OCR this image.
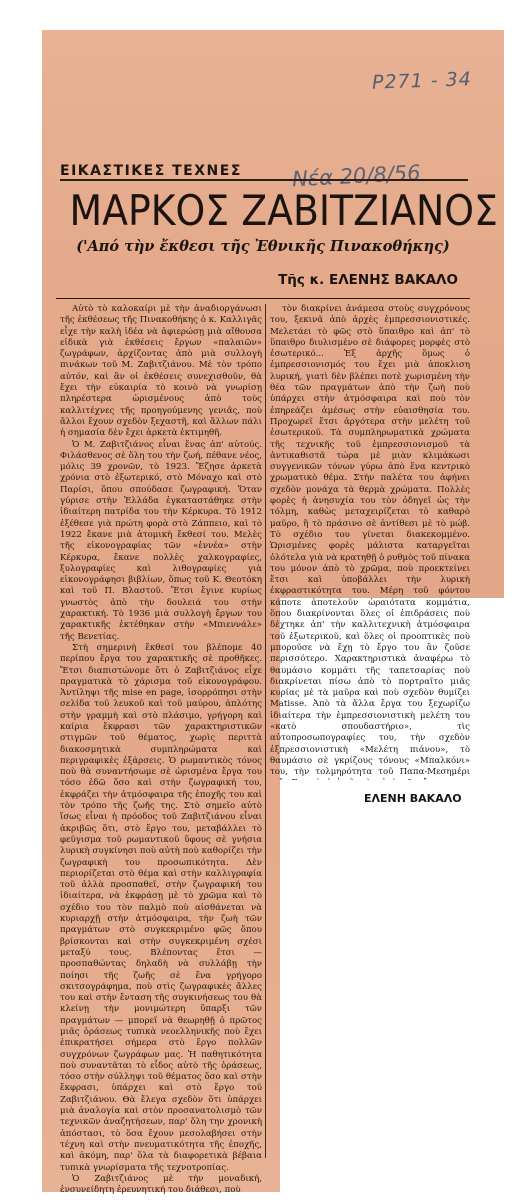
P271 - 34
Νέα 20/8/56
ΕΙΚΑΣΤΙΚΕΣ ΤΕΧΝΕΣ
ΜΑΡΚΟΣ ΖΑΒΙΤΖΙΑΝΟΣ
('Από τὴν ἔκθεσι τῆς Ἐθνικῆς Πινακοθήκης)
Τῆς κ. ΕΛΕΝΗΣ ΒΑΚΑΛΟ

Αὐτὸ τὸ καλοκαίρι μὲ τὴν ἀναδιοργάνωσι τῆς ἐκθέσεως τῆς Πινακοθήκης ὁ κ. Καλλιγᾶς εἶχε τὴν καλὴ ἰδέα νὰ ἀφιερώσῃ μιὰ αἴθουσα εἰδικὰ γιὰ ἐκθέσεις ἔργων «παλαιῶν» ζωγράφων, ἀρχίζοντας ἀπὸ μιὰ συλλογὴ πινάκων τοῦ Μ. Ζαβιτζιάνου. Μὲ τὸν τρόπο αὐτόν, καὶ ἂν οἱ ἐκθέσεις συνεχισθοῦν, θὰ ἔχει τὴν εὐκαιρία τὸ κοινὸ νὰ γνωρίσῃ πληρέστερα ὡρισμένους ἀπὸ τοὺς καλλιτέχνες τῆς προηγούμενης γενιᾶς, ποὺ ἄλλοι ἔχουν σχεδὸν ξεχαστῆ, καὶ ἄλλων πάλι ἡ σημασία δὲν ἔχει ἀρκετὰ ἐκτιμηθῆ.

Ὁ Μ. Ζαβιτζιάνος εἶναι ἕνας ἀπ' αὐτούς. Φιλάσθενος σὲ ὅλη του τὴν ζωή, πέθανε νέος, μόλις 39 χρονῶν, τὸ 1923. Ἔζησε ἀρκετὰ χρόνια στὸ ἐξωτερικό, στὸ Μόναχο καὶ στὸ Παρίσι, ὅπου σπούδασε ζωγραφική. Ὅταν γύρισε στὴν Ἑλλάδα ἐγκαταστάθηκε στὴν ἰδιαίτερη πατρίδα του τὴν Κέρκυρα. Τὸ 1912 ἐξέθεσε γιὰ πρώτη φορὰ στὸ Ζάππειο, καὶ τὸ 1922 ἔκανε μιὰ ἀτομικὴ ἔκθεσί του. Μελὲς τῆς εἰκονογραφίας τῶν «ἐννέα» στὴν Κέρκυρα, ἔκανε πολλὲς χαλκογραφίες, ξυλογραφίες καὶ λιθογραφίες γιὰ εἰκονογράφησι βιβλίων, ὅπως τοῦ Κ. Θεοτόκη καὶ τοῦ Π. Βλαστοῦ. Ἔτσι ἔγινε κυρίως γνωστὸς ἀπὸ τὴν δουλειά του στὴν χαρακτική. Τὸ 1936 μιὰ συλλογὴ ἔργων του χαρακτικῆς ἐκτέθηκαν στὴν «Μπιεννάλε» τῆς Βενετίας.

Στὴ σημερινὴ ἔκθεσί του βλέπομε 40 περίπου ἔργα του χαρακτικῆς σὲ προθῆκες. Ἔτσι διαπιστώνομε ὅτι ὁ Ζαβιτζιάνος εἶχε πραγματικὰ τὸ χάρισμα τοῦ εἰκονογράφου. Ἀντίληψι τῆς mise en page, ἰσορρόπησι στὴν σελίδα τοῦ λευκοῦ καὶ τοῦ μαύρου, ἁπλότης στὴν γραμμὴ καὶ στὸ πλάσιμο, γρήγορη καὶ καίρια ἔκφρασι τῶν χαρακτηριστικῶν στιγμῶν τοῦ θέματος, χωρὶς περιττὰ διακοσμητικὰ συμπληρώματα καὶ περιγραφικὲς ἐξάρσεις. Ὁ ρωμαντικὸς τόνος ποὺ θὰ συναντήσωμε σὲ ὡρισμένα ἔργα του τόσο ἐδῶ ὅσο καὶ στὴν ζωγραφική του, ἐκφράζει τὴν ἀτμόσφαιρα τῆς ἐποχῆς του καὶ τὸν τρόπο τῆς ζωῆς της. Στὸ σημεῖο αὐτὸ ἴσως εἶναι ἡ πρόοδος τοῦ Ζαβιτζιάνου εἶναι ἀκριβῶς ὅτι, στὸ ἔργο του, μεταβάλλει τὸ φεῦγισμα τοῦ ρωμαντικοῦ ὕφους σὲ γνήσια λυρικὴ συγκίνησι ποὺ αὐτὴ ποὺ καθορίζει τὴν ζωγραφικὴ του προσωπικότητα. Δὲν περιορίζεται στὸ θέμα καὶ στὴν καλλιγραφία τοῦ ἀλλὰ προσπαθεῖ, στὴν ζωγραφική του ἰδιαίτερα, νὰ ἐκφράσῃ μὲ τὸ χρῶμα καὶ τὸ σχέδιο του τὸν παλμὸ ποὺ αἰσθάνεται νὰ κυριαρχῇ στὴν ἀτμόσφαιρα, τὴν ζωὴ τῶν πραγμάτων στὸ συγκεκριμένο φῶς ὅπου βρίσκονται καὶ στὴν συγκεκριμένη σχέσι μεταξύ τους. Βλέποντας ἔτσι — προσπαθώντας δηλαδὴ νὰ συλλάβῃ τὴν ποίησι τῆς ζωῆς σὲ ἕνα γρήγορο σκιτσογράφημα, ποὺ στὶς ζωγραφικὲς ἄλλες του καὶ στὴν ἔνταση τῆς συγκινήσεως του θὰ κλείνῃ τὴν μονιμώτερη ὕπαρξι τῶν πραγμάτων — μπορεῖ νὰ θεωρηθῇ ὁ πρῶτος μιᾶς ὁράσεως τυπικὰ νεοελληνικῆς ποὺ ἔχει ἐπικρατήσει σήμερα στὸ ἔργο πολλῶν συγχρόνων ζωγράφων μας. Ἡ παθητικότητα ποὺ συναντᾶται τὸ εἶδος αὐτὸ τῆς ὁράσεως, τόσο στὴν σύλληψι τοῦ θέματος ὅσο καὶ στὴν ἔκφρασι, ὑπάρχει καὶ στὸ ἔργο τοῦ Ζαβιτζιάνου. Θὰ ἔλεγα σχεδὸν ὅτι ὑπάρχει μιὰ ἀναλογία καὶ στὸν προσανατολισμὸ τῶν τεχνικῶν ἀναζητήσεων, παρ' ὅλη την χρονικὴ ἀπόστασι, τὸ ὅσα ἔχουν μεσολαβήσει στὴν τέχνη καὶ στὴν πνευματικότητα τῆς ἐποχῆς, καὶ ἀκόμη, παρ' ὅλα τὰ διαφορετικὰ βέβαια τυπικὰ γνωρίσματα τῆς τεχνοτροπίας.

Ὁ Ζαβιτζιάνος μὲ τὴν μοναδική, ἐνσυνείδητη ἐρευνητική του διάθεσι, ποὺ

τὸν διακρίνει ἀνάμεσα στοὺς συγχρόνους του, ξεκινᾶ ἀπὸ ἀρχὲς ἐμπρεσσιονιστικές. Μελετάει τὸ φῶς στὸ ὕπαιθρο καὶ ἀπ' τὸ ὕπαιθρο διυλισμένο σὲ διάφορες μορφὲς στὸ ἐσωτερικό... Ἐξ ἀρχῆς ὅμως ὁ ἐμπρεσσιονισμός του ἔχει μιὰ ἀποκλιση λυρική, γιατὶ δὲν βλέπει ποτὲ χωρισμένη τὴν θέα τῶν πραγμάτων ἀπὸ τὴν ζωὴ ποὺ ὑπάρχει στὴν ἀτμόσφαιρα καὶ ποὺ τὸν ἐπηρεάζει ἀμέσως στὴν εὐαισθησία του. Προχωρεῖ ἔτσι ἀργότερα στὴν μελέτη τοῦ ἐσωτερικοῦ. Τὰ συμπληρωματικὰ χρώματα τῆς τεχνικῆς τοῦ ἐμπρεσσιονισμοῦ τὰ ἀντικαθιστᾶ τώρα μὲ μιὰν κλιμάκωσι συγγενικῶν τόνων γύρω ἀπὸ ἕνα κεντρικὸ χρωματικὸ θέμα. Στὴν παλέτα του ἀφήνει σχεδὸν μονάχα τὰ θερμὰ χρώματα. Πολλὲς φορὲς ἡ ἀνησυχία του τὸν ὁδηγεῖ ὡς τὴν τόλμη, καθὼς μεταχειρίζεται τὸ καθαρὸ μαῦρο, ἢ τὸ πράσινο σὲ ἀντίθεσι μὲ τὸ μώβ. Τὸ σχέδιο του γίνεται διακεκομμένο. Ὡρισμένες φορὲς μάλιστα καταργεῖται ὁλότελα γιὰ νὰ κρατηθῇ ὁ ρυθμὸς τοῦ πίνακα του μόνον ἀπὸ τὸ χρῶμα, ποὺ προεκτείνει ἔτσι καὶ ὑποβάλλει τὴν λυρικὴ ἐκφραστικότητα του. Μέρη τοῦ φόντου κάποτε ἀποτελοῦν ὡραιότατα κομμάτια, ὅπου διακρίνονται ὅλες οἱ ἐπιδράσεις ποὺ δέχτηκε ἀπ' τὴν καλλιτεχνικὴ ἀτμόσφαιρα τοῦ ἐξωτερικοῦ, καὶ ὅλες οἱ προοπτικὲς ποὺ μποροῦσε νὰ ἔχῃ τὸ ἔργο του ἂν ζοῦσε περισσότερο. Χαρακτηριστικὰ ἀναφέρω τὸ θαυμάσιο κομμάτι τῆς ταπετσαρίας ποὺ διακρίνεται πίσω ἀπὸ τὸ πορτραῖτο μιᾶς κυρίας μὲ τὰ μαῦρα καὶ ποὺ σχεδὸν θυμίζει Matisse. Ἀπὸ τὰ ἄλλα ἔργα του ξεχωρίζω ἰδιαίτερα τὴν ἐμπρεσσιονιστικὴ μελέτη του «κατὸ σπουδαστήριο», τὶς αὐτοπροσωπογραφίες του, τὴν σχεδὸν ἐξπρεσσιονιστικὴ «Μελέτη πιάνου», τὸ θαυμάσιο σὲ γκρίζους τόνους «Μπαλκόνι» του, τὴν τολμηρότητα τοῦ Παπα-Μεσημέρι

ΕΛΕΝΗ ΒΑΚΑΛΟ
